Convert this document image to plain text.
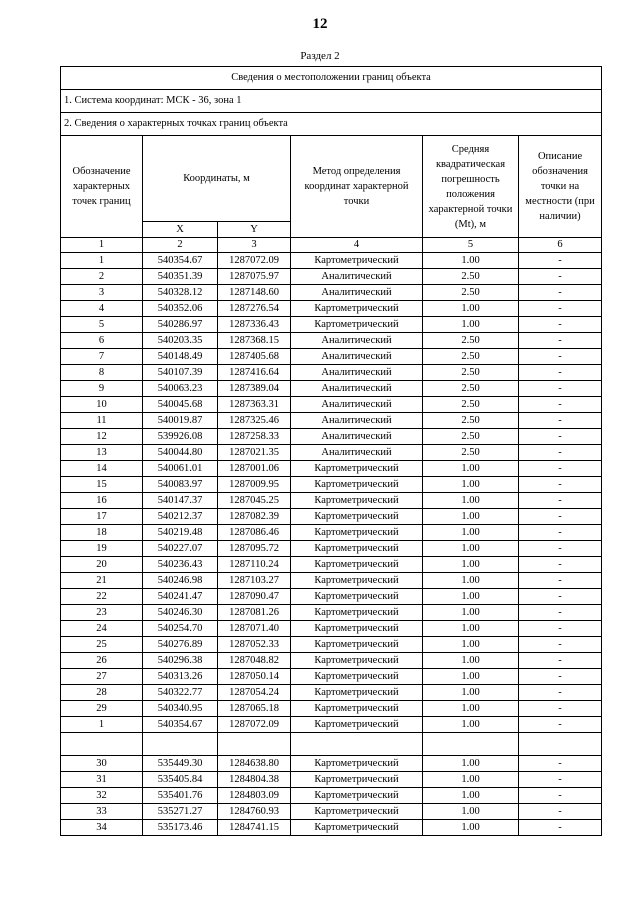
12
Раздел 2
Сведения о местоположении границ объекта					
1. Система координат: МСК - 36, зона 1					
2. Сведения о характерных точках границ объекта					
Обозначение характерных точек границ	Координаты, м		Метод определения координат характерной точки	Средняя квадратическая погрешность положения характерной точки (Mt), м	Описание обозначения точки на местности (при наличии)
	X	Y			
1	2	3	4	5	6
1	540354.67	1287072.09	Картометрический	1.00	-
2	540351.39	1287075.97	Аналитический	2.50	-
3	540328.12	1287148.60	Аналитический	2.50	-
4	540352.06	1287276.54	Картометрический	1.00	-
5	540286.97	1287336.43	Картометрический	1.00	-
6	540203.35	1287368.15	Аналитический	2.50	-
7	540148.49	1287405.68	Аналитический	2.50	-
8	540107.39	1287416.64	Аналитический	2.50	-
9	540063.23	1287389.04	Аналитический	2.50	-
10	540045.68	1287363.31	Аналитический	2.50	-
11	540019.87	1287325.46	Аналитический	2.50	-
12	539926.08	1287258.33	Аналитический	2.50	-
13	540044.80	1287021.35	Аналитический	2.50	-
14	540061.01	1287001.06	Картометрический	1.00	-
15	540083.97	1287009.95	Картометрический	1.00	-
16	540147.37	1287045.25	Картометрический	1.00	-
17	540212.37	1287082.39	Картометрический	1.00	-
18	540219.48	1287086.46	Картометрический	1.00	-
19	540227.07	1287095.72	Картометрический	1.00	-
20	540236.43	1287110.24	Картометрический	1.00	-
21	540246.98	1287103.27	Картометрический	1.00	-
22	540241.47	1287090.47	Картометрический	1.00	-
23	540246.30	1287081.26	Картометрический	1.00	-
24	540254.70	1287071.40	Картометрический	1.00	-
25	540276.89	1287052.33	Картометрический	1.00	-
26	540296.38	1287048.82	Картометрический	1.00	-
27	540313.26	1287050.14	Картометрический	1.00	-
28	540322.77	1287054.24	Картометрический	1.00	-
29	540340.95	1287065.18	Картометрический	1.00	-
1	540354.67	1287072.09	Картометрический	1.00	-

30	535449.30	1284638.80	Картометрический	1.00	-
31	535405.84	1284804.38	Картометрический	1.00	-
32	535401.76	1284803.09	Картометрический	1.00	-
33	535271.27	1284760.93	Картометрический	1.00	-
34	535173.46	1284741.15	Картометрический	1.00	-
